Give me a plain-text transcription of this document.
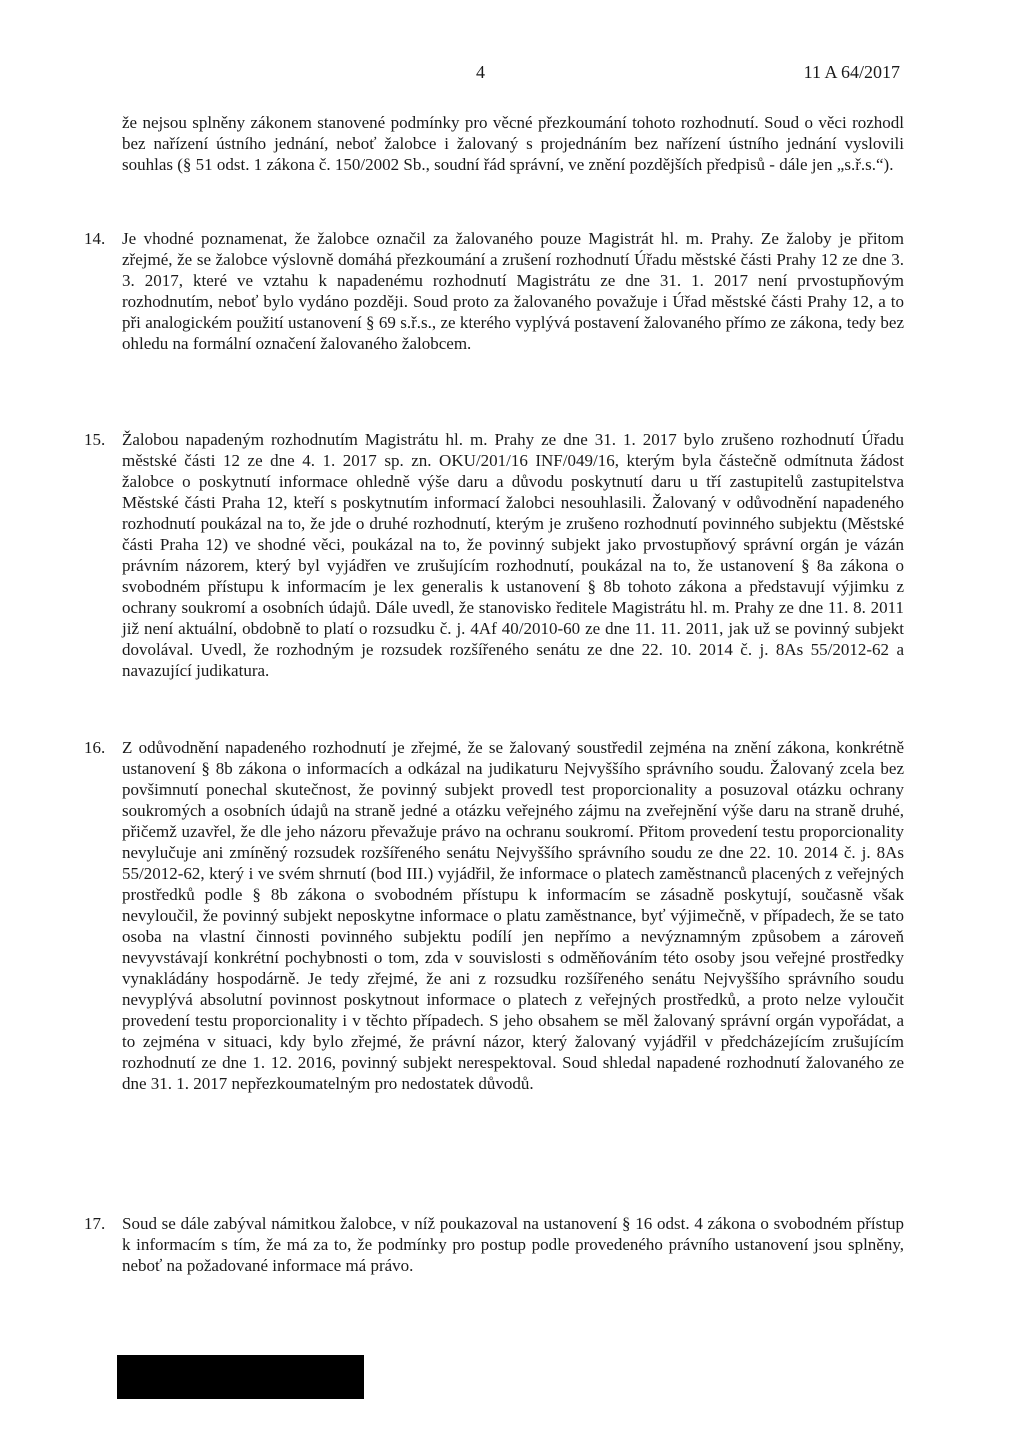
4	11 A 64/2017
že nejsou splněny zákonem stanovené podmínky pro věcné přezkoumání tohoto rozhodnutí. Soud o věci rozhodl bez nařízení ústního jednání, neboť žalobce i žalovaný s projednáním bez nařízení ústního jednání vyslovili souhlas (§ 51 odst. 1 zákona č. 150/2002 Sb., soudní řád správní, ve znění pozdějších předpisů - dále jen „s.ř.s.“).
14. Je vhodné poznamenat, že žalobce označil za žalovaného pouze Magistrát hl. m. Prahy. Ze žaloby je přitom zřejmé, že se žalobce výslovně domáhá přezkoumání a zrušení rozhodnutí Úřadu městské části Prahy 12 ze dne 3. 3. 2017, které ve vztahu k napadenému rozhodnutí Magistrátu ze dne 31. 1. 2017 není prvostupňovým rozhodnutím, neboť bylo vydáno později. Soud proto za žalovaného považuje i Úřad městské části Prahy 12, a to při analogickém použití ustanovení § 69 s.ř.s., ze kterého vyplývá postavení žalovaného přímo ze zákona, tedy bez ohledu na formální označení žalovaného žalobcem.
15. Žalobou napadeným rozhodnutím Magistrátu hl. m. Prahy ze dne 31. 1. 2017 bylo zrušeno rozhodnutí Úřadu městské části 12 ze dne 4. 1. 2017 sp. zn. OKU/201/16 INF/049/16, kterým byla částečně odmítnuta žádost žalobce o poskytnutí informace ohledně výše daru a důvodu poskytnutí daru u tří zastupitelů zastupitelstva Městské části Praha 12, kteří s poskytnutím informací žalobci nesouhlasili. Žalovaný v odůvodnění napadeného rozhodnutí poukázal na to, že jde o druhé rozhodnutí, kterým je zrušeno rozhodnutí povinného subjektu (Městské části Praha 12) ve shodné věci, poukázal na to, že povinný subjekt jako prvostupňový správní orgán je vázán právním názorem, který byl vyjádřen ve zrušujícím rozhodnutí, poukázal na to, že ustanovení § 8a zákona o svobodném přístupu k informacím je lex generalis k ustanovení § 8b tohoto zákona a představují výjimku z ochrany soukromí a osobních údajů. Dále uvedl, že stanovisko ředitele Magistrátu hl. m. Prahy ze dne 11. 8. 2011 již není aktuální, obdobně to platí o rozsudku č. j. 4Af 40/2010-60 ze dne 11. 11. 2011, jak už se povinný subjekt dovolával. Uvedl, že rozhodným je rozsudek rozšířeného senátu ze dne 22. 10. 2014 č. j. 8As 55/2012-62 a navazující judikatura.
16. Z odůvodnění napadeného rozhodnutí je zřejmé, že se žalovaný soustředil zejména na znění zákona, konkrétně ustanovení § 8b zákona o informacích a odkázal na judikaturu Nejvyššího správního soudu. Žalovaný zcela bez povšimnutí ponechal skutečnost, že povinný subjekt provedl test proporcionality a posuzoval otázku ochrany soukromých a osobních údajů na straně jedné a otázku veřejného zájmu na zveřejnění výše daru na straně druhé, přičemž uzavřel, že dle jeho názoru převažuje právo na ochranu soukromí. Přitom provedení testu proporcionality nevylučuje ani zmíněný rozsudek rozšířeného senátu Nejvyššího správního soudu ze dne 22. 10. 2014 č. j. 8As 55/2012-62, který i ve svém shrnutí (bod III.) vyjádřil, že informace o platech zaměstnanců placených z veřejných prostředků podle § 8b zákona o svobodném přístupu k informacím se zásadně poskytují, současně však nevyloučil, že povinný subjekt neposkytne informace o platu zaměstnance, byť výjimečně, v případech, že se tato osoba na vlastní činnosti povinného subjektu podílí jen nepřímo a nevýznamným způsobem a zároveň nevyvstávají konkrétní pochybnosti o tom, zda v souvislosti s odměňováním této osoby jsou veřejné prostředky vynakládány hospodárně. Je tedy zřejmé, že ani z rozsudku rozšířeného senátu Nejvyššího správního soudu nevyplývá absolutní povinnost poskytnout informace o platech z veřejných prostředků, a proto nelze vyloučit provedení testu proporcionality i v těchto případech. S jeho obsahem se měl žalovaný správní orgán vypořádat, a to zejména v situaci, kdy bylo zřejmé, že právní názor, který žalovaný vyjádřil v předcházejícím zrušujícím rozhodnutí ze dne 1. 12. 2016, povinný subjekt nerespektoval. Soud shledal napadené rozhodnutí žalovaného ze dne 31. 1. 2017 nepřezkoumatelným pro nedostatek důvodů.
17. Soud se dále zabýval námitkou žalobce, v níž poukazoval na ustanovení § 16 odst. 4 zákona o svobodném přístup k informacím s tím, že má za to, že podmínky pro postup podle provedeného právního ustanovení jsou splněny, neboť na požadované informace má právo.
